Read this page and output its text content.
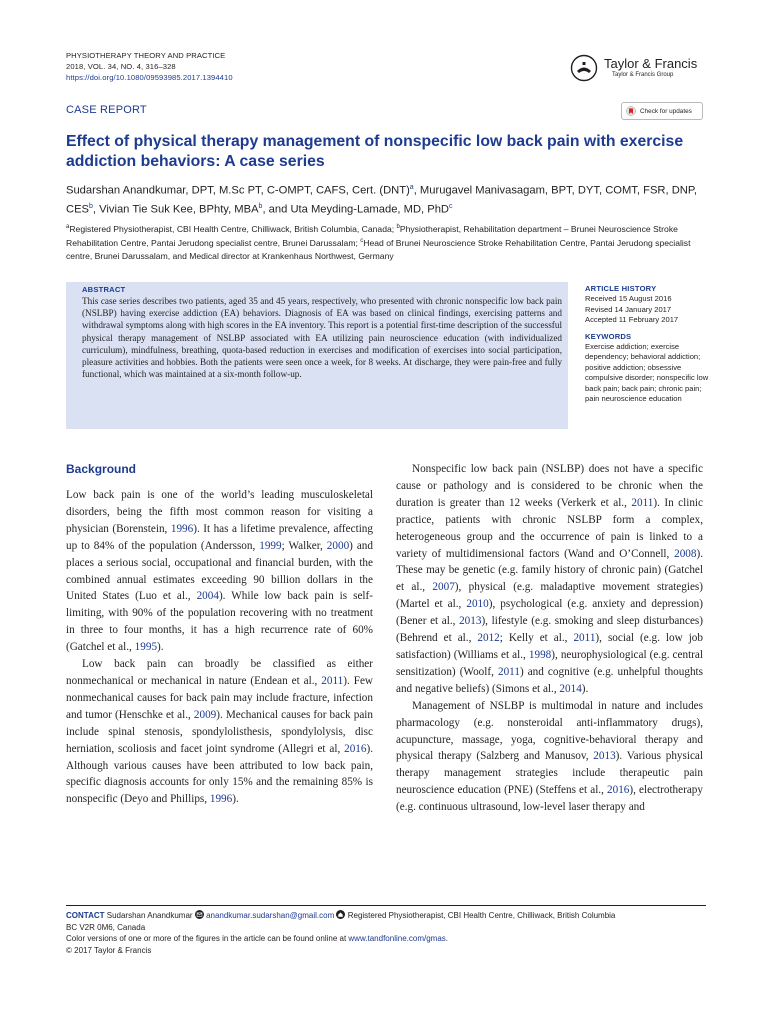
PHYSIOTHERAPY THEORY AND PRACTICE
2018, VOL. 34, NO. 4, 316–328
https://doi.org/10.1080/09593985.2017.1394410
Taylor & Francis
Taylor & Francis Group
CASE REPORT	Check for updates
Effect of physical therapy management of nonspecific low back pain with exercise addiction behaviors: A case series
Sudarshan Anandkumar, DPT, M.Sc PT, C-OMPT, CAFS, Cert. (DNT)$^a$, Murugavel Manivasagam, BPT, DYT, COMT, FSR, DNP, CES$^b$, Vivian Tie Suk Kee, BPhty, MBA$^b$, and Uta Meyding-Lamade, MD, PhD$^c$
$^a$Registered Physiotherapist, CBI Health Centre, Chilliwack, British Columbia, Canada; $^b$Physiotherapist, Rehabilitation department – Brunei Neuroscience Stroke Rehabilitation Centre, Pantai Jerudong specialist centre, Brunei Darussalam; $^c$Head of Brunei Neuroscience Stroke Rehabilitation Centre, Pantai Jerudong specialist centre, Brunei Darussalam, and Medical director at Krankenhaus Northwest, Germany
ABSTRACT
This case series describes two patients, aged 35 and 45 years, respectively, who presented with chronic nonspecific low back pain (NSLBP) having exercise addiction (EA) behaviors. Diagnosis of EA was based on clinical findings, exercising patterns and withdrawal symptoms along with high scores in the EA inventory. This report is a potential first-time description of the successful physical therapy management of NSLBP associated with EA utilizing pain neuroscience education (with individualized curriculum), mindfulness, breathing, quota-based reduction in exercises and modification of exercises into social participation, pleasure activities and hobbies. Both the patients were seen once a week, for 8 weeks. At discharge, they were pain-free and fully functional, which was maintained at a six-month follow-up.
ARTICLE HISTORY
Received 15 August 2016
Revised 14 January 2017
Accepted 11 February 2017
KEYWORDS
Exercise addiction; exercise dependency; behavioral addiction; positive addiction; obsessive compulsive disorder; nonspecific low back pain; back pain; chronic pain; pain neuroscience education
Background

Low back pain is one of the world’s leading musculoskeletal disorders, being the fifth most common reason for visiting a physician (Borenstein, 1996). It has a lifetime prevalence, affecting up to 84% of the population (Andersson, 1999; Walker, 2000) and places a serious social, occupational and financial burden, with the combined annual estimates exceeding 90 billion dollars in the United States (Luo et al., 2004). While low back pain is self-limiting, with 90% of the population recovering with no treatment in three to four months, it has a high recurrence rate of 60% (Gatchel et al., 1995).

Low back pain can broadly be classified as either nonmechanical or mechanical in nature (Endean et al., 2011). Few nonmechanical causes for back pain may include fracture, infection and tumor (Henschke et al., 2009). Mechanical causes for back pain include spinal stenosis, spondylolisthesis, spondylolysis, disc herniation, scoliosis and facet joint syndrome (Allegri et al, 2016). Although various causes have been attributed to low back pain, specific diagnosis accounts for only 15% and the remaining 85% is nonspecific (Deyo and Phillips, 1996).

Nonspecific low back pain (NSLBP) does not have a specific cause or pathology and is considered to be chronic when the duration is greater than 12 weeks (Verkerk et al., 2011). In clinic practice, patients with chronic NSLBP form a complex, heterogeneous group and the occurrence of pain is linked to a variety of multidimensional factors (Wand and O’Connell, 2008). These may be genetic (e.g. family history of chronic pain) (Gatchel et al., 2007), physical (e.g. maladaptive movement strategies) (Martel et al., 2010), psychological (e.g. anxiety and depression) (Bener et al., 2013), lifestyle (e.g. smoking and sleep disturbances) (Behrend et al., 2012; Kelly et al., 2011), social (e.g. low job satisfaction) (Williams et al., 1998), neurophysiological (e.g. central sensitization) (Woolf, 2011) and cognitive (e.g. unhelpful thoughts and negative beliefs) (Simons et al., 2014).

Management of NSLBP is multimodal in nature and includes pharmacology (e.g. nonsteroidal anti-inflammatory drugs), acupuncture, massage, yoga, cognitive-behavioral therapy and physical therapy (Salzberg and Manusov, 2013). Various physical therapy management strategies include therapeutic pain neuroscience education (PNE) (Steffens et al., 2016), electrotherapy (e.g. continuous ultrasound, low-level laser therapy and

CONTACT Sudarshan Anandkumar anandkumar.sudarshan@gmail.com Registered Physiotherapist, CBI Health Centre, Chilliwack, British Columbia
BC V2R 0M6, Canada
Color versions of one or more of the figures in the article can be found online at www.tandfonline.com/gmas.
© 2017 Taylor & Francis
